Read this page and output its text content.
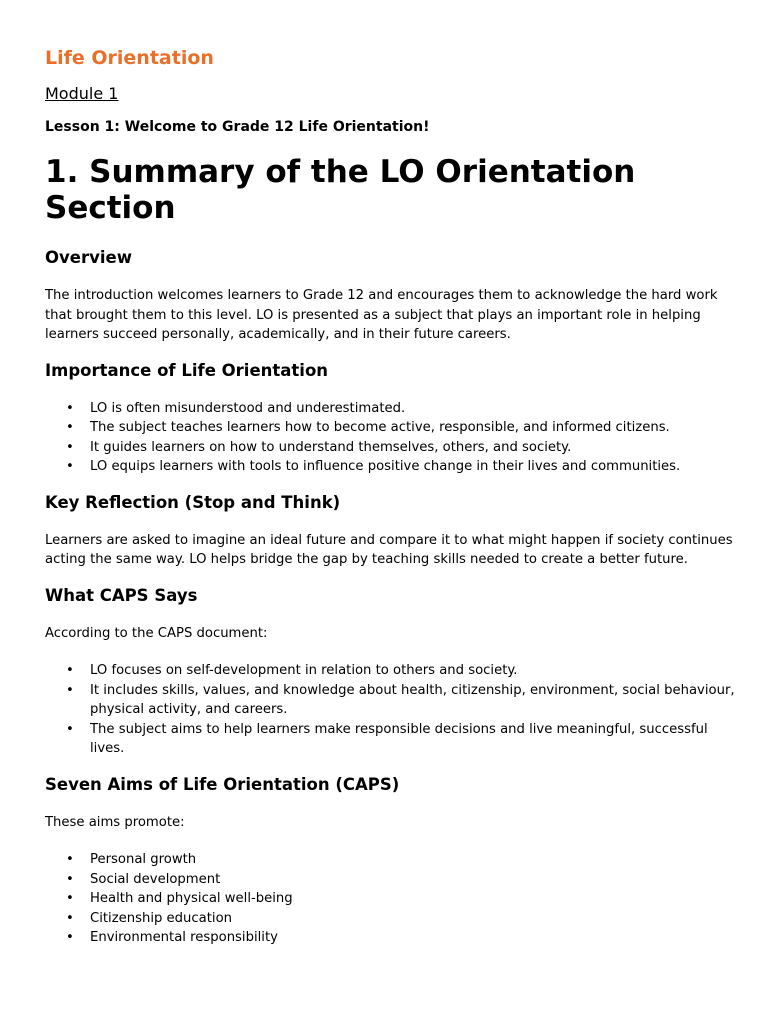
Life Orientation
Module 1
Lesson 1: Welcome to Grade 12 Life Orientation!
1. Summary of the LO Orientation Section
Overview

The introduction welcomes learners to Grade 12 and encourages them to acknowledge the hard work that brought them to this level. LO is presented as a subject that plays an important role in helping learners succeed personally, academically, and in their future careers.

Importance of Life Orientation
• LO is often misunderstood and underestimated.
• The subject teaches learners how to become active, responsible, and informed citizens.
• It guides learners on how to understand themselves, others, and society.
• LO equips learners with tools to influence positive change in their lives and communities.
Key Reflection (Stop and Think)

Learners are asked to imagine an ideal future and compare it to what might happen if society continues acting the same way. LO helps bridge the gap by teaching skills needed to create a better future.

What CAPS Says

According to the CAPS document:

• LO focuses on self-development in relation to others and society.
• It includes skills, values, and knowledge about health, citizenship, environment, social behaviour, physical activity, and careers.
• The subject aims to help learners make responsible decisions and live meaningful, successful lives.
Seven Aims of Life Orientation (CAPS)

These aims promote:

• Personal growth
• Social development
• Health and physical well-being
• Citizenship education
• Environmental responsibility
